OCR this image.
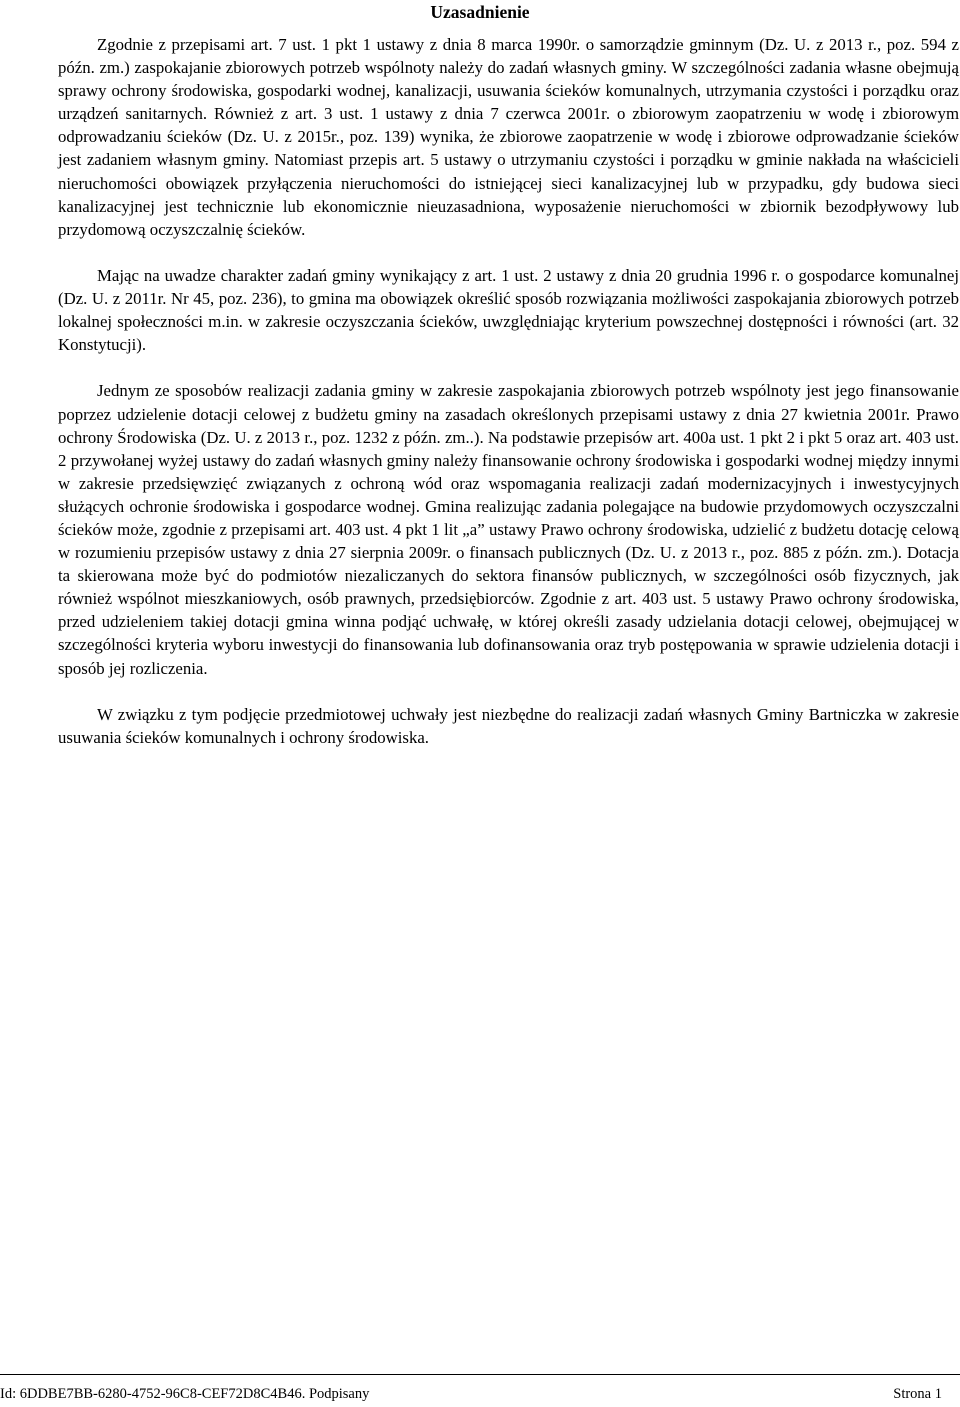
Uzasadnienie

Zgodnie z przepisami art. 7 ust. 1 pkt 1 ustawy z dnia 8 marca 1990r. o samorządzie gminnym (Dz. U. z 2013 r., poz. 594 z późn. zm.) zaspokajanie zbiorowych potrzeb wspólnoty należy do zadań własnych gminy. W szczególności zadania własne obejmują sprawy ochrony środowiska, gospodarki wodnej, kanalizacji, usuwania ścieków komunalnych, utrzymania czystości i porządku oraz urządzeń sanitarnych. Również z art. 3 ust. 1 ustawy z dnia 7 czerwca 2001r. o zbiorowym zaopatrzeniu w wodę i zbiorowym odprowadzaniu ścieków (Dz. U. z 2015r., poz. 139) wynika, że zbiorowe zaopatrzenie w wodę i zbiorowe odprowadzanie ścieków jest zadaniem własnym gminy. Natomiast przepis art. 5 ustawy o utrzymaniu czystości i porządku w gminie nakłada na właścicieli nieruchomości obowiązek przyłączenia nieruchomości do istniejącej sieci kanalizacyjnej lub w przypadku, gdy budowa sieci kanalizacyjnej jest technicznie lub ekonomicznie nieuzasadniona, wyposażenie nieruchomości w zbiornik bezodpływowy lub przydomową oczyszczalnię ścieków.

Mając na uwadze charakter zadań gminy wynikający z art. 1 ust. 2 ustawy z dnia 20 grudnia 1996 r. o gospodarce komunalnej (Dz. U. z 2011r. Nr 45, poz. 236), to gmina ma obowiązek określić sposób rozwiązania możliwości zaspokajania zbiorowych potrzeb lokalnej społeczności m.in. w zakresie oczyszczania ścieków, uwzględniając kryterium powszechnej dostępności i równości (art. 32 Konstytucji).

Jednym ze sposobów realizacji zadania gminy w zakresie zaspokajania zbiorowych potrzeb wspólnoty jest jego finansowanie poprzez udzielenie dotacji celowej z budżetu gminy na zasadach określonych przepisami ustawy z dnia 27 kwietnia 2001r. Prawo ochrony Środowiska (Dz. U. z 2013 r., poz. 1232 z późn. zm..). Na podstawie przepisów art. 400a ust. 1 pkt 2 i pkt 5 oraz art. 403 ust. 2 przywołanej wyżej ustawy do zadań własnych gminy należy finansowanie ochrony środowiska i gospodarki wodnej między innymi w zakresie przedsięwzięć związanych z ochroną wód oraz wspomagania realizacji zadań modernizacyjnych i inwestycyjnych służących ochronie środowiska i gospodarce wodnej. Gmina realizując zadania polegające na budowie przydomowych oczyszczalni ścieków może, zgodnie z przepisami art. 403 ust. 4 pkt 1 lit „a” ustawy Prawo ochrony środowiska, udzielić z budżetu dotację celową w rozumieniu przepisów ustawy z dnia 27 sierpnia 2009r. o finansach publicznych (Dz. U. z 2013 r., poz. 885 z późn. zm.). Dotacja ta skierowana może być do podmiotów niezaliczanych do sektora finansów publicznych, w szczególności osób fizycznych, jak również wspólnot mieszkaniowych, osób prawnych, przedsiębiorców. Zgodnie z art. 403 ust. 5 ustawy Prawo ochrony środowiska, przed udzieleniem takiej dotacji gmina winna podjąć uchwałę, w której określi zasady udzielania dotacji celowej, obejmującej w szczególności kryteria wyboru inwestycji do finansowania lub dofinansowania oraz tryb postępowania w sprawie udzielenia dotacji i sposób jej rozliczenia.

W związku z tym podjęcie przedmiotowej uchwały jest niezbędne do realizacji zadań własnych Gminy Bartniczka w zakresie usuwania ścieków komunalnych i ochrony środowiska.

Id: 6DDBE7BB-6280-4752-96C8-CEF72D8C4B46. Podpisany	Strona 1
